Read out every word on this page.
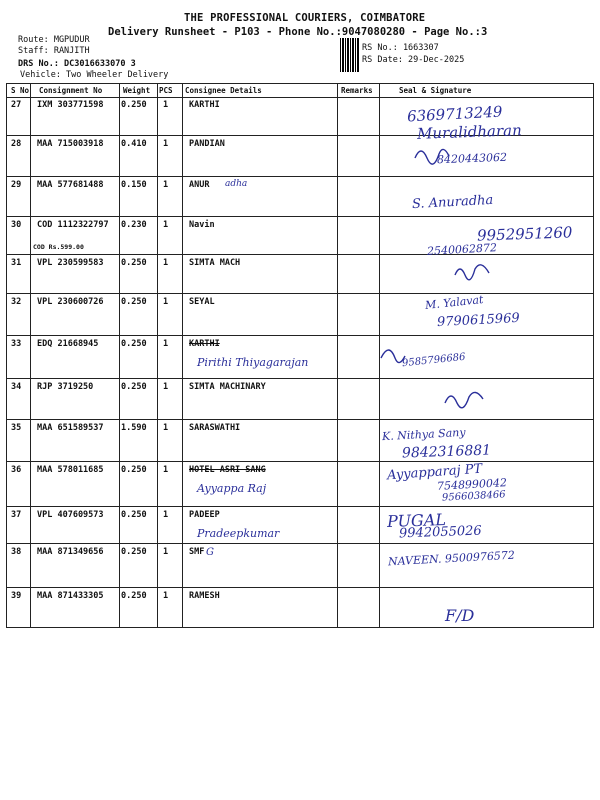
THE PROFESSIONAL COURIERS, COIMBATORE
Delivery Runsheet - P103 - Phone No.:9047080280 - Page No.:3
Route: MGPUDUR
Staff: RANJITH
DRS No.: DC3016633070 3
Vehicle: Two Wheeler Delivery
RS No.: 1663307
RS Date: 29-Dec-2025
S No Consignment No	Weight PCS Consignee Details	Remarks	Seal & Signature
27 IXM 303771598 0.250 1 KARTHI	6369713249
Muralidharan
28 MAA 715003918 0.410 1 PANDIAN
8420443062
29 MAA 577681488 0.150 1 ANUR adha
S. Anuradha
30 COD 1112322797 0.230 1 Navin
COD Rs.599.00
9952951260
2540062872
31 VPL 230599583 0.250 1 SIMTA MACH
32 VPL 230600726 0.250 1 SEYAL	M. Yalavat
9790615969
33 EDQ 21668945	0.250 1 KARTHI
Pirithi Thiyagarajan	9585796686
34 RJP 3719250	0.250 1 SIMTA MACHINARY
35 MAA 651589537 1.590 1 SARASWATHI	K. Nithya Sany
9842316881
36 MAA 578011685 0.250 1 HOTEL ASRI SANG
Ayyappa Raj
Ayyapparaj PT
7548990042
9566038466
37 VPL 407609573 0.250 1 PADEEP
Pradeepkumar
PUGAL
9942055026
38 MAA 871349656 0.250 1 SMF G	NAVEEN. 9500976572
39 MAA 871433305 0.250 1 RAMESH
F/D
